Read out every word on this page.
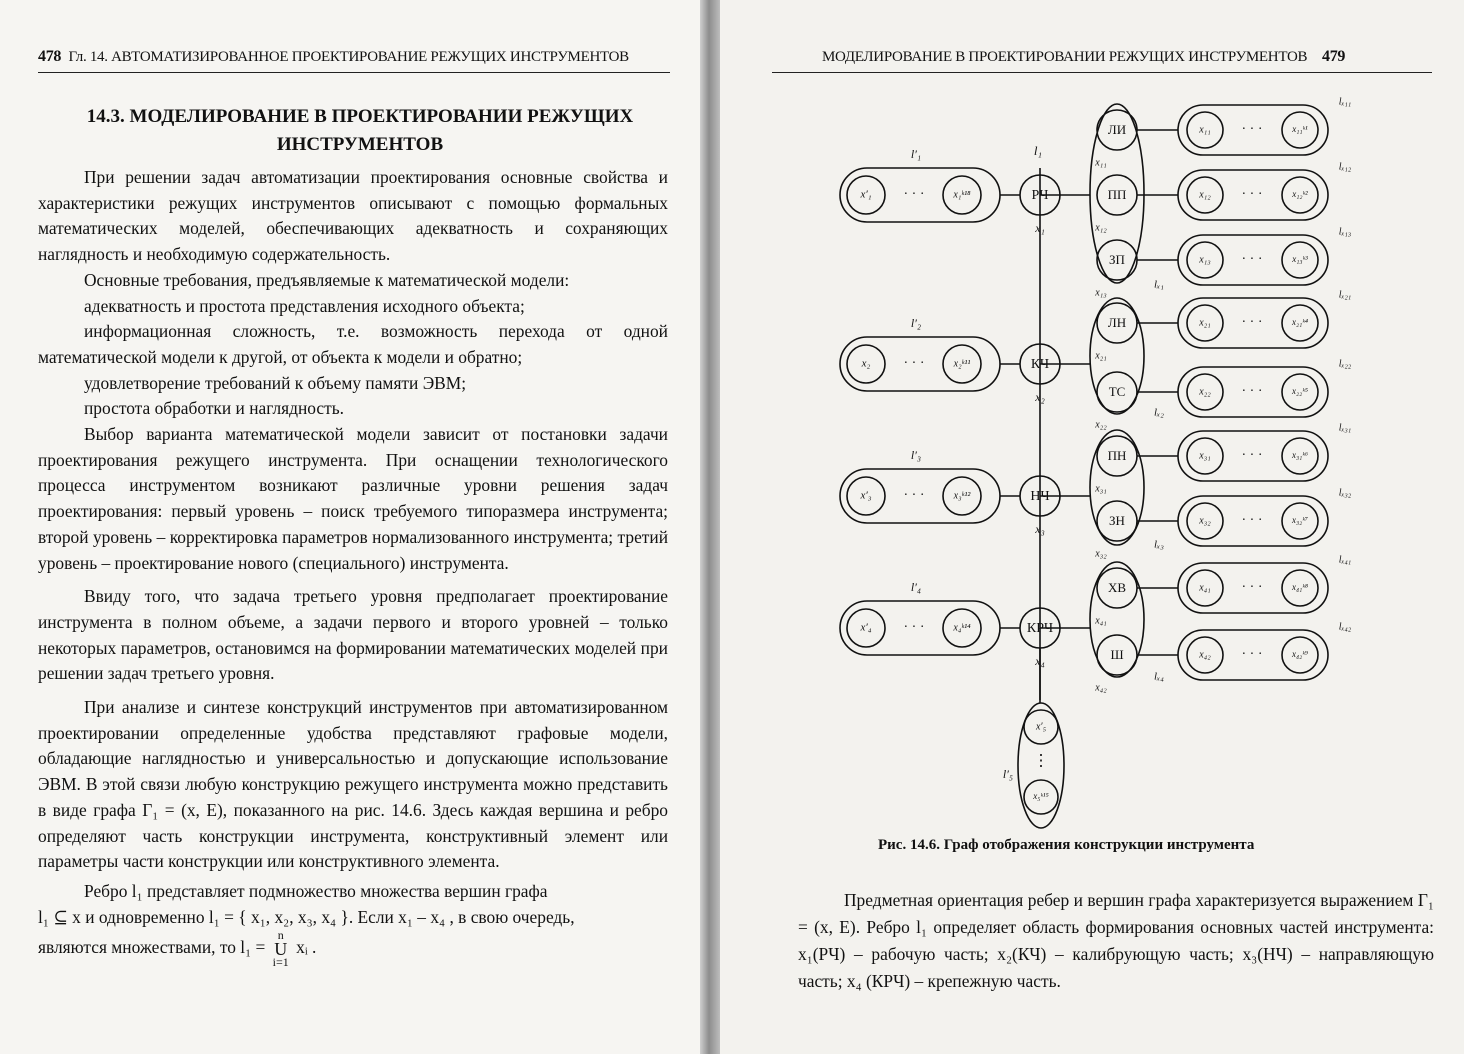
478 Гл. 14. АВТОМАТИЗИРОВАННОЕ ПРОЕКТИРОВАНИЕ РЕЖУЩИХ ИНСТРУМЕНТОВ
14.3. МОДЕЛИРОВАНИЕ В ПРОЕКТИРОВАНИИ РЕЖУЩИХ ИНСТРУМЕНТОВ

При решении задач автоматизации проектирования основные свойства и характеристики режущих инструментов описывают с помощью формальных математических моделей, обеспечивающих адекватность и сохраняющих наглядность и необходимую содержательность.

Основные требования, предъявляемые к математической модели:

адекватность и простота представления исходного объекта;

информационная сложность, т.е. возможность перехода от одной математической модели к другой, от объекта к модели и обратно;

удовлетворение требований к объему памяти ЭВМ;

простота обработки и наглядность.

Выбор варианта математической модели зависит от постановки задачи проектирования режущего инструмента. При оснащении технологического процесса инструментом возникают различные уровни решения задач проектирования: первый уровень – поиск требуемого типоразмера инструмента; второй уровень – корректировка параметров нормализованного инструмента; третий уровень – проектирование нового (специального) инструмента.

Ввиду того, что задача третьего уровня предполагает проектирование инструмента в полном объеме, а задачи первого и второго уровней – только некоторых параметров, остановимся на формировании математических моделей при решении задач третьего уровня.

При анализе и синтезе конструкций инструментов при автоматизированном проектировании определенные удобства представляют графовые модели, обладающие наглядностью и универсальностью и допускающие использование ЭВМ. В этой связи любую конструкцию режущего инструмента можно представить в виде графа Γ₁ = (x, E), показанного на рис. 14.6. Здесь каждая вершина и ребро определяют часть конструкции инструмента, конструктивный элемент или параметры части конструкции или конструктивного элемента.

Ребро l₁ представляет подмножество множества вершин графа

l₁ ⊆ x и одновременно l₁ = { x₁, x₂, x₃, x₄ }. Если x₁ – x₄ , в свою очередь,

являются множествами, то l₁ =
n
U
i=1
xᵢ .

МОДЕЛИРОВАНИЕ В ПРОЕКТИРОВАНИИ РЕЖУЩИХ ИНСТРУМЕНТОВ 479
РЧ
x₁
КЧ
x₂
НЧ
x₃
КРЧ
x₄
l₁
x′₁	x₁ᵏ¹⁸
· · ·
l′₁
x₂	x₂ᵏ¹¹
· · ·
l′₂
x′₃	x₃ᵏ¹²
· · ·
l′₃
x′₄	x₄ᵏ¹⁴
· · ·
l′₄
lₓ₁
ЛИ
x₁₁
x₁₁	x₁₁ᵏ¹
· · ·
lₓ₁₁
ПП
x₁₂
x₁₂	x₁₂ᵏ²
· · ·
lₓ₁₂
ЗП
x₁₃
x₁₃	x₁₃ᵏ³
· · ·
lₓ₁₃
lₓ₂
ЛН
x₂₁
x₂₁	x₂₁ᵏ⁴
· · ·
lₓ₂₁
ТС
x₂₂
x₂₂	x₂₂ᵏ⁵
· · ·
lₓ₂₂
lₓ₃
ПН
x₃₁
x₃₁	x₃₁ᵏ⁶
· · ·
lₓ₃₁
ЗН
x₃₂
x₃₂	x₃₂ᵏ⁷
· · ·
lₓ₃₂
lₓ₄
ХВ
x₄₁
x₄₁	x₄₁ᵏ⁸
· · ·
lₓ₄₁
Ш
x₄₂
x₄₂	x₄₂ᵏ⁹
· · ·
lₓ₄₂
x′₅
x₅ᵏ¹⁵
⋮
l′₅
Рис. 14.6. Граф отображения конструкции инструмента

Предметная ориентация ребер и вершин графа характеризуется выражением Γ₁ = (x, E). Ребро l₁ определяет область формирования основных частей инструмента: x₁(РЧ) – рабочую часть; x₂(КЧ) – калибрующую часть; x₃(НЧ) – направляющую часть; x₄ (КРЧ) – крепежную часть.
